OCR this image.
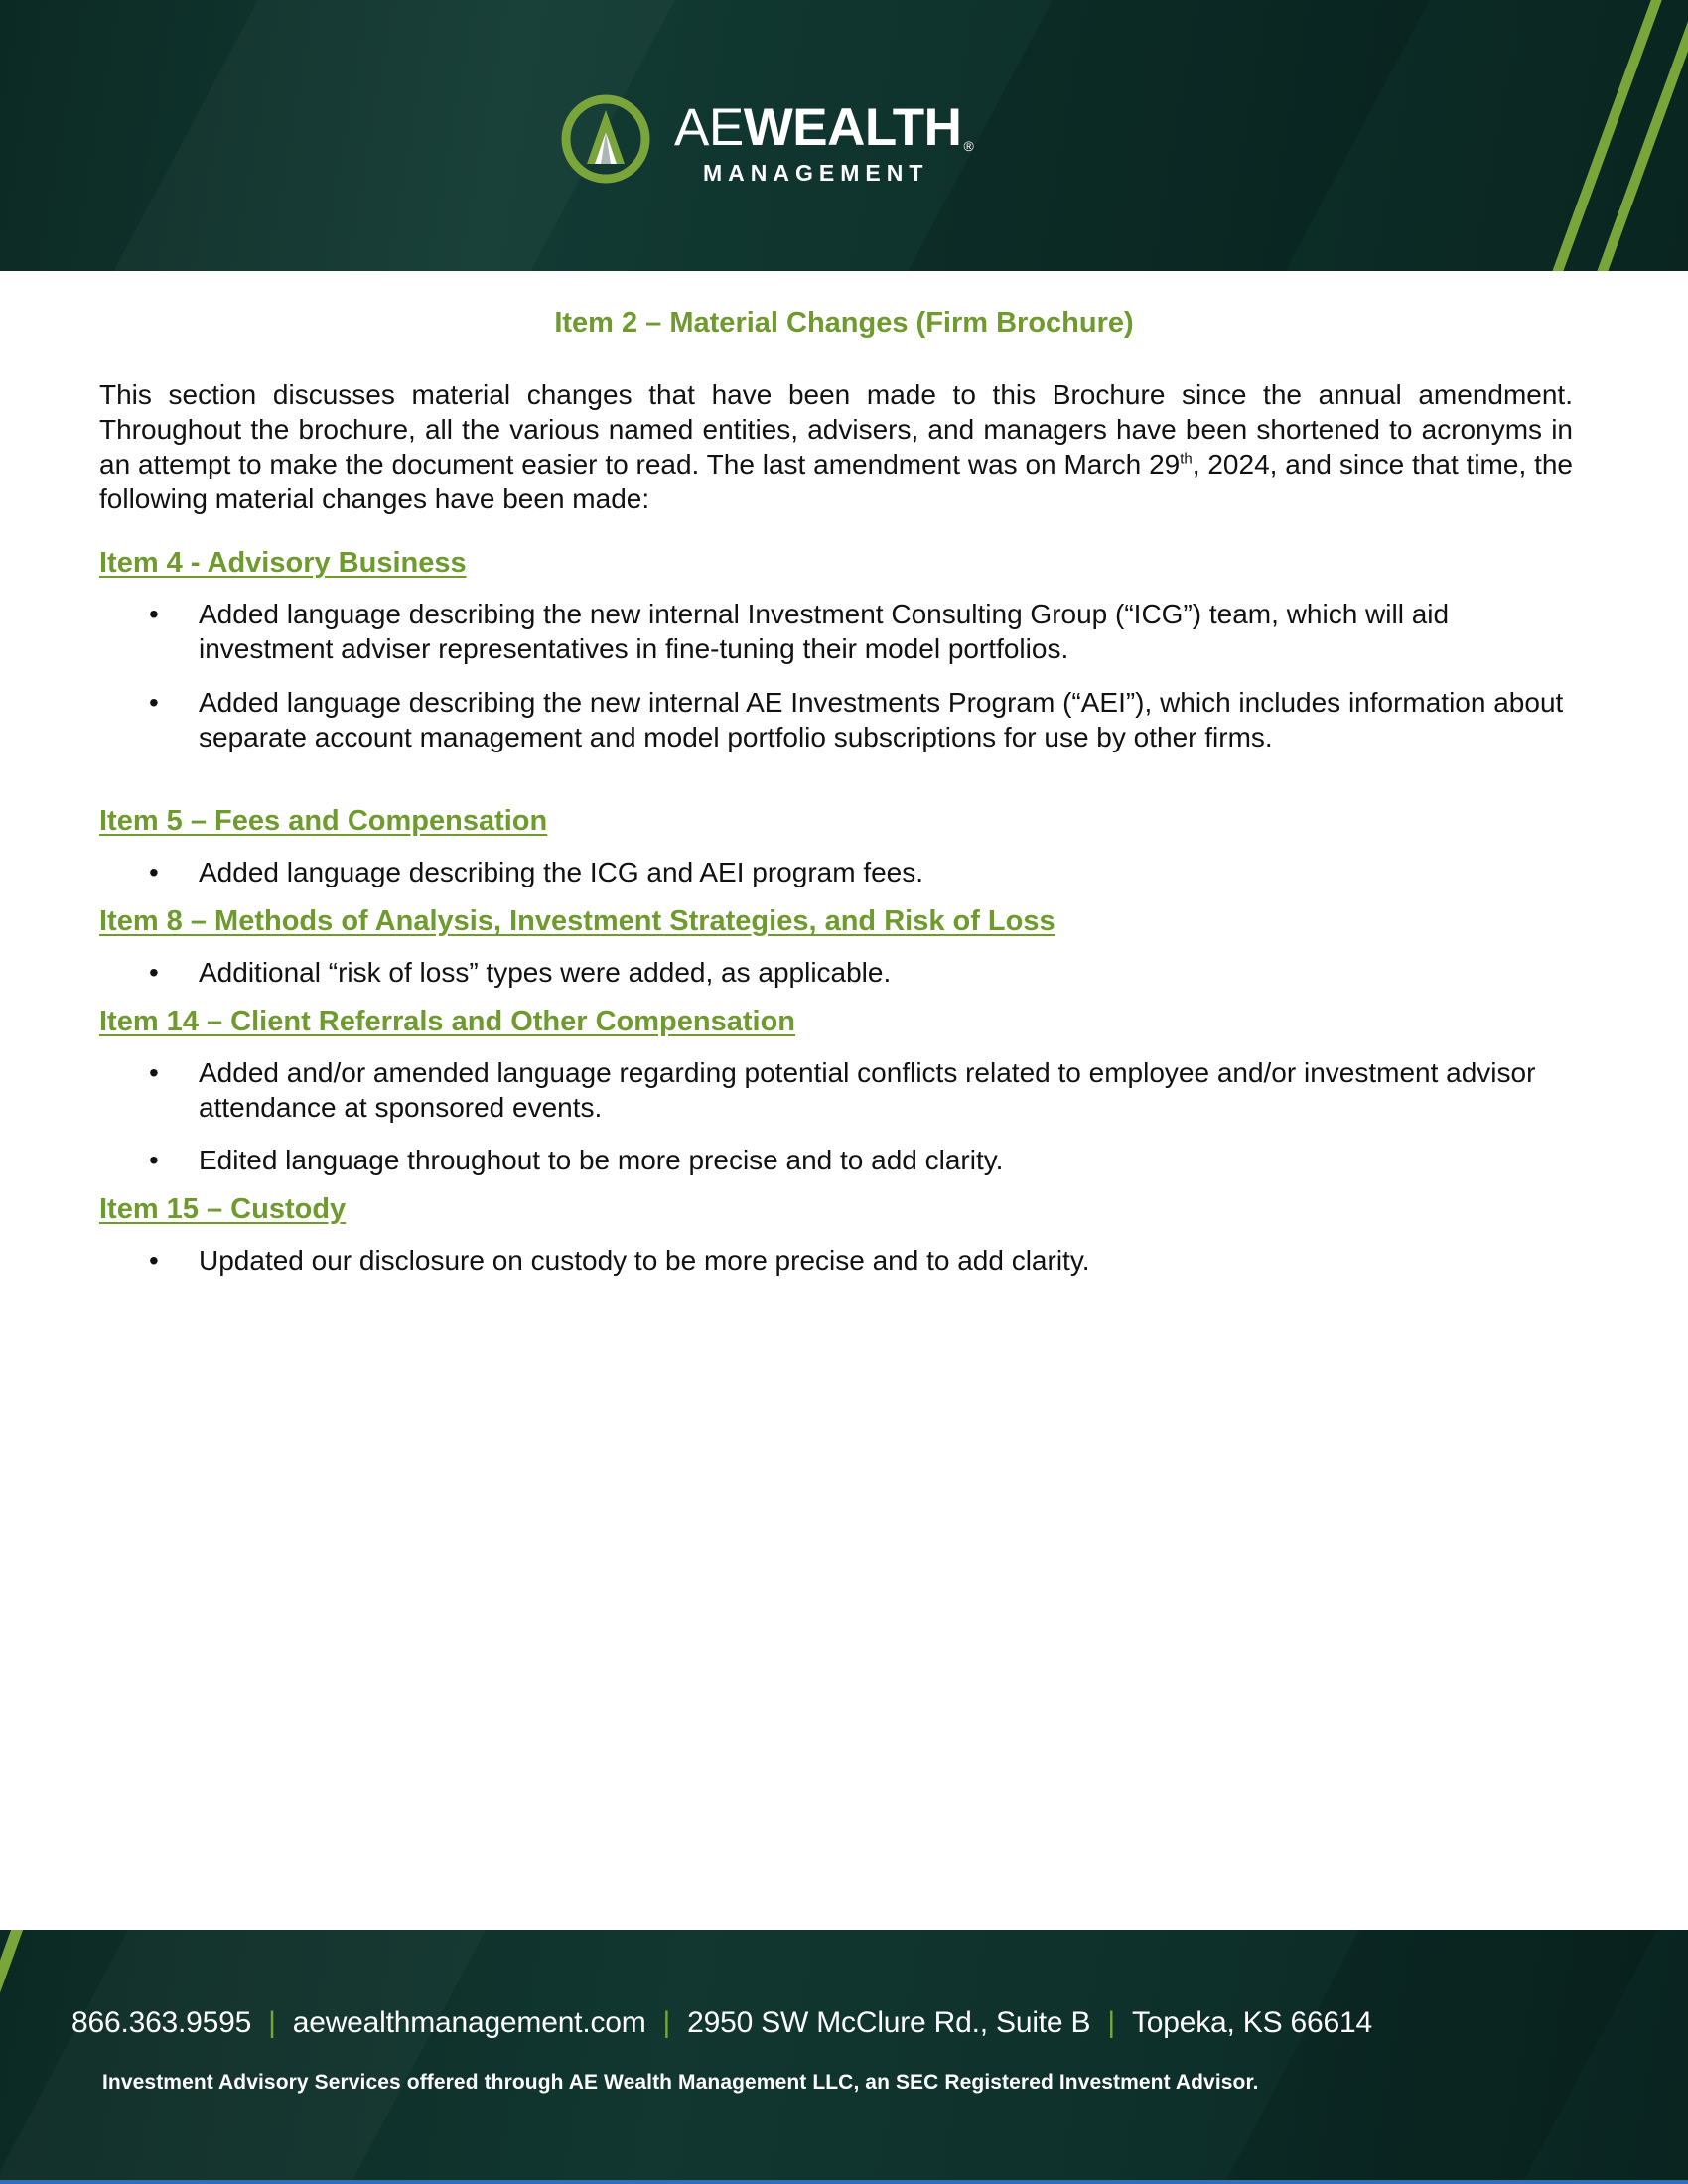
AEWEALTH ®
MANAGEMENT
Item 2 – Material Changes (Firm Brochure)

This section discusses material changes that have been made to this Brochure since the annual amendment. Throughout the brochure, all the various named entities, advisers, and managers have been shortened to acronyms in an attempt to make the document easier to read. The last amendment was on March 29th, 2024, and since that time, the following material changes have been made:

Item 4 - Advisory Business
•	Added language describing the new internal Investment Consulting Group (“ICG”) team, which will aid investment adviser representatives in fine-tuning their model portfolios.
•	Added language describing the new internal AE Investments Program (“AEI”), which includes information about separate account management and model portfolio subscriptions for use by other firms.
Item 5 – Fees and Compensation
•	Added language describing the ICG and AEI program fees.
Item 8 – Methods of Analysis, Investment Strategies, and Risk of Loss
•	Additional “risk of loss” types were added, as applicable.
Item 14 – Client Referrals and Other Compensation
•	Added and/or amended language regarding potential conflicts related to employee and/or investment advisor attendance at sponsored events.
•	Edited language throughout to be more precise and to add clarity.
Item 15 – Custody
•	Updated our disclosure on custody to be more precise and to add clarity.
866.363.9595 | aewealthmanagement.com | 2950 SW McClure Rd., Suite B | Topeka, KS 66614
Investment Advisory Services offered through AE Wealth Management LLC, an SEC Registered Investment Advisor.
